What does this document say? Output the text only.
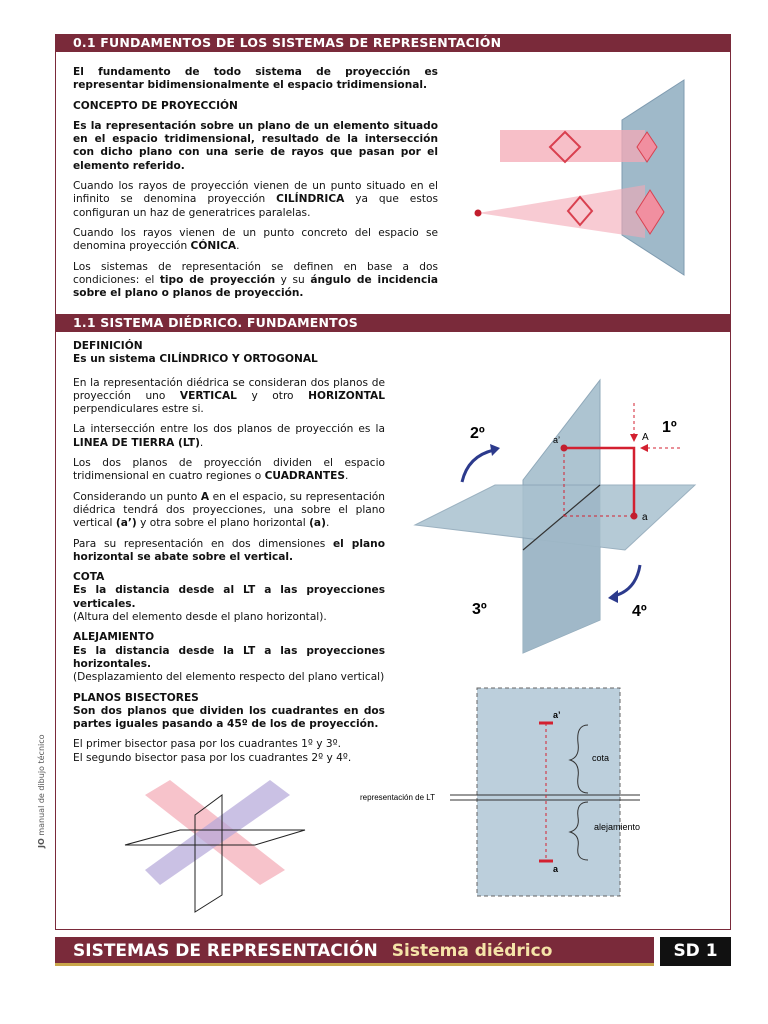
0.1 FUNDAMENTOS DE LOS SISTEMAS DE REPRESENTACIÓN

El fundamento de todo sistema de proyección es representar bidimensionalmente el espacio tridimensional.

CONCEPTO DE PROYECCIÓN

Es la representación sobre un plano de un elemento situado en el espacio tridimensional, resultado de la intersección con dicho plano con una serie de rayos que pasan por el elemento referido.

Cuando los rayos de proyección vienen de un punto situado en el infinito se denomina proyección CILÍNDRICA ya que estos configuran un haz de generatrices paralelas.

Cuando los rayos vienen de un punto concreto del espacio se denomina proyección CÓNICA.

Los sistemas de representación se definen en base a dos condiciones: el tipo de proyección y su ángulo de incidencia sobre el plano o planos de proyección.

1.1 SISTEMA DIÉDRICO. FUNDAMENTOS

DEFINICIÓN
Es un sistema CILÍNDRICO Y ORTOGONAL

En la representación diédrica se consideran dos planos de proyección uno VERTICAL y otro HORIZONTAL perpendiculares estre si.

La intersección entre los dos planos de proyección es la LINEA DE TIERRA (LT).

Los dos planos de proyección dividen el espacio tridimensional en cuatro regiones o CUADRANTES.

Considerando un punto A en el espacio, su representación diédrica tendrá dos proyecciones, una sobre el plano vertical (a’) y otra sobre el plano horizontal (a).

Para su representación en dos dimensiones el plano horizontal se abate sobre el vertical.

COTA
Es la distancia desde al LT a las proyecciones verticales.
(Altura del elemento desde el plano horizontal).

ALEJAMIENTO
Es la distancia desde la LT a las proyecciones horizontales.
(Desplazamiento del elemento respecto del plano vertical)

PLANOS BISECTORES
Son dos planos que dividen los cuadrantes en dos partes iguales pasando a 45º de los de proyección.

El primer bisector pasa por los cuadrantes 1º y 3º.
El segundo bisector pasa por los cuadrantes 2º y 4º.

a’	A
a
2º	1º
3º	4º
a’
a
cota
alejamiento
representación de LT
JO manual de dibujo técnico
SISTEMAS DE REPRESENTACIÓN Sistema diédrico	SD 1
